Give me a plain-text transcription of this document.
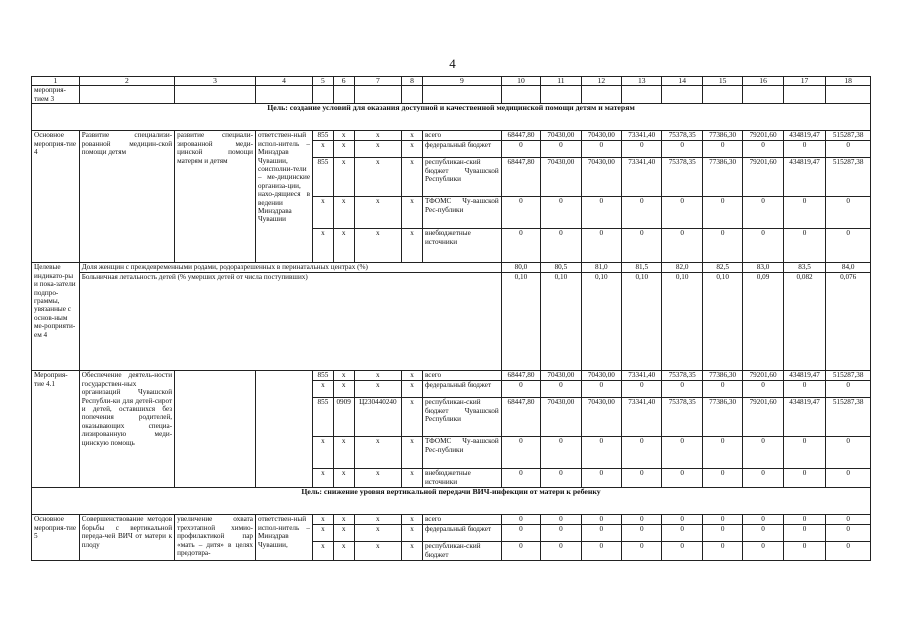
4
1	2	3	4	5	6	7	8	9	10	11	12	13	14	15	16	17	18
мероприя-тием 3																	
Цель: создание условий для оказания доступной и качественной медицинской помощи детям и матерям																	
Основное мероприя-тие 4	Развитие специализи-рованной медицин-ской помощи детям	развитие специали-зированной меди-цинской помощи матерям и детям	ответствен-ный испол-нитель – Минздрав Чувашии, соисполни-тели – ме-дицинские организа-ции, нахо-дящиеся в ведении Минздрава Чувашии	855	x	x	x	всего	68447,80	70430,00	70430,00	73341,40	75378,35	77386,30	79201,60	434819,47	515287,38
				x	x	x	x	федеральный бюджет	0	0	0	0	0	0	0	0	0
				855	x	x	x	республикан-ский бюджет Чувашской Республики	68447,80	70430,00	70430,00	73341,40	75378,35	77386,30	79201,60	434819,47	515287,38
				x	x	x	x	ТФОМС Чу-вашской Рес-публики	0	0	0	0	0	0	0	0	0
				x	x	x	x	внебюджетные источники	0	0	0	0	0	0	0	0	0
Целевые индикато-ры и пока-затели подпро-граммы, увязанные с основ-ным ме-роприяти-ем 4	Доля женщин с преждевременными родами, родоразрешенных в перинатальных центрах (%)								80,0	80,5	81,0	81,5	82,0	82,5	83,0	83,5	84,0
	Больничная летальность детей (% умерших детей от числа поступивших)								0,10	0,10	0,10	0,10	0,10	0,10	0,09	0,082	0,076
Мероприя-тие 4.1	Обеспечение деятель-ности государствен-ных организаций Чувашской Республи-ки для детей-сирот и детей, оставшихся без попечения родителей, оказывающих специа-лизированную меди-цинскую помощь			855	x	x	x	всего	68447,80	70430,00	70430,00	73341,40	75378,35	77386,30	79201,60	434819,47	515287,38
				x	x	x	x	федеральный бюджет	0	0	0	0	0	0	0	0	0
				855	0909	Ц230440240	x	республикан-ский бюджет Чувашской Республики	68447,80	70430,00	70430,00	73341,40	75378,35	77386,30	79201,60	434819,47	515287,38
				x	x	x	x	ТФОМС Чу-вашской Рес-публики	0	0	0	0	0	0	0	0	0
				x	x	x	x	внебюджетные источники	0	0	0	0	0	0	0	0	0
Цель: снижение уровня вертикальной передачи ВИЧ-инфекции от матери к ребенку																	
Основное мероприя-тие 5	Совершенствование методов борьбы с вертикальной переда-чей ВИЧ от матери к плоду	увеличение охвата трехэтапной химио-профилактикой пар «мать – дитя» в целях предотвра-	ответствен-ный испол-нитель – Минздрав Чувашии,	x	x	x	x	всего	0	0	0	0	0	0	0	0	0
				x	x	x	x	федеральный бюджет	0	0	0	0	0	0	0	0	0
				x	x	x	x	республикан-ский бюджет	0	0	0	0	0	0	0	0	0
